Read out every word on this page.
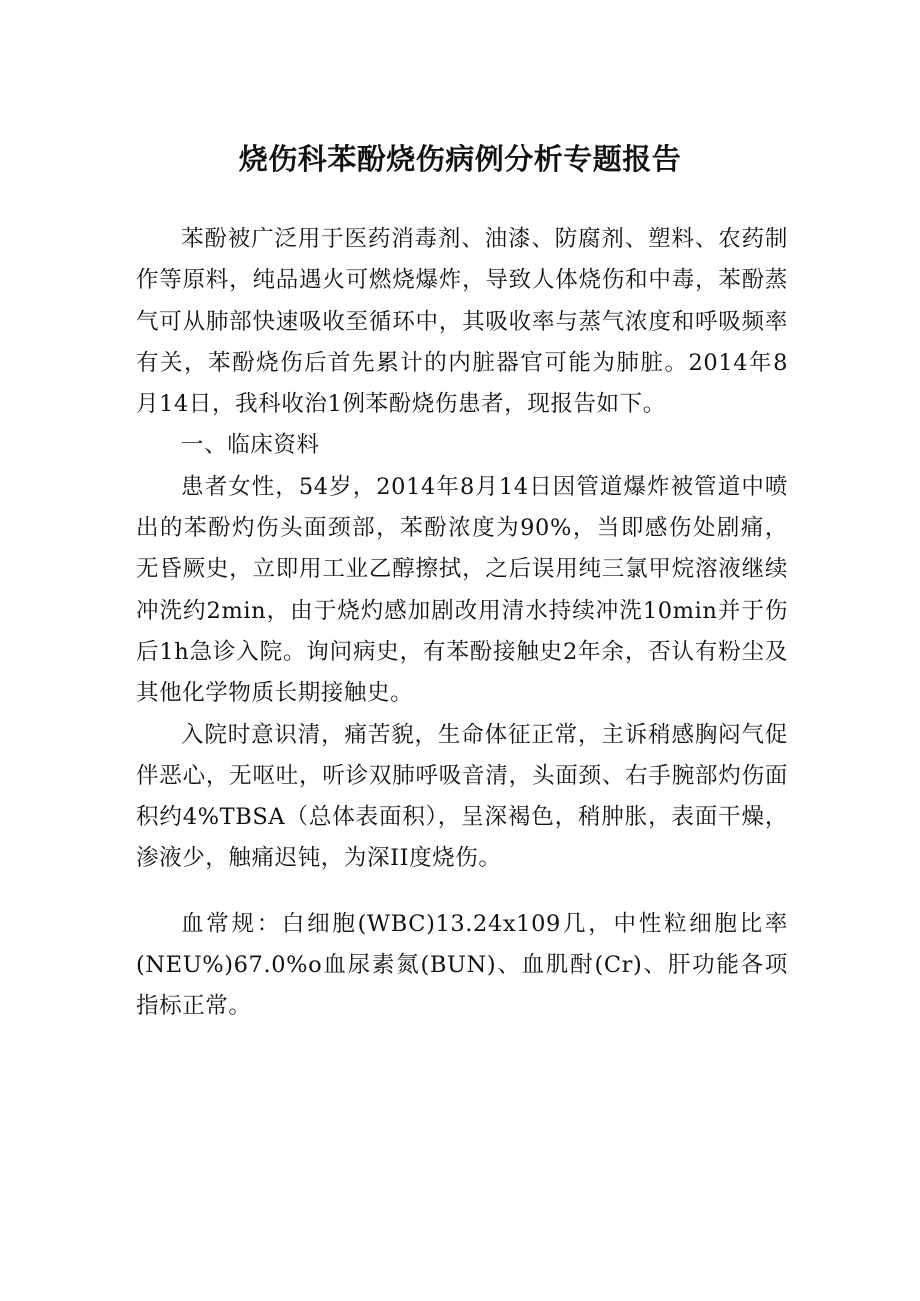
烧伤科苯酚烧伤病例分析专题报告

苯酚被广泛用于医药消毒剂、油漆、防腐剂、塑料、农药制作等原料，纯品遇火可燃烧爆炸，导致人体烧伤和中毒，苯酚蒸气可从肺部快速吸收至循环中，其吸收率与蒸气浓度和呼吸频率有关，苯酚烧伤后首先累计的内脏器官可能为肺脏。2014年8月14日，我科收治1例苯酚烧伤患者，现报告如下。

一、临床资料

患者女性，54岁，2014年8月14日因管道爆炸被管道中喷出的苯酚灼伤头面颈部，苯酚浓度为90%，当即感伤处剧痛，无昏厥史，立即用工业乙醇擦拭，之后误用纯三氯甲烷溶液继续冲洗约2min，由于烧灼感加剧改用清水持续冲洗10min并于伤后1h急诊入院。询问病史，有苯酚接触史2年余，否认有粉尘及其他化学物质长期接触史。

入院时意识清，痛苦貌，生命体征正常，主诉稍感胸闷气促伴恶心，无呕吐，听诊双肺呼吸音清，头面颈、右手腕部灼伤面积约4%TBSA（总体表面积），呈深褐色，稍肿胀，表面干燥，渗液少，触痛迟钝，为深II度烧伤。

血常规：白细胞(WBC)13.24x109几，中性粒细胞比率(NEU%)67.0%o血尿素氮(BUN)、血肌酎(Cr)、肝功能各项指标正常。
